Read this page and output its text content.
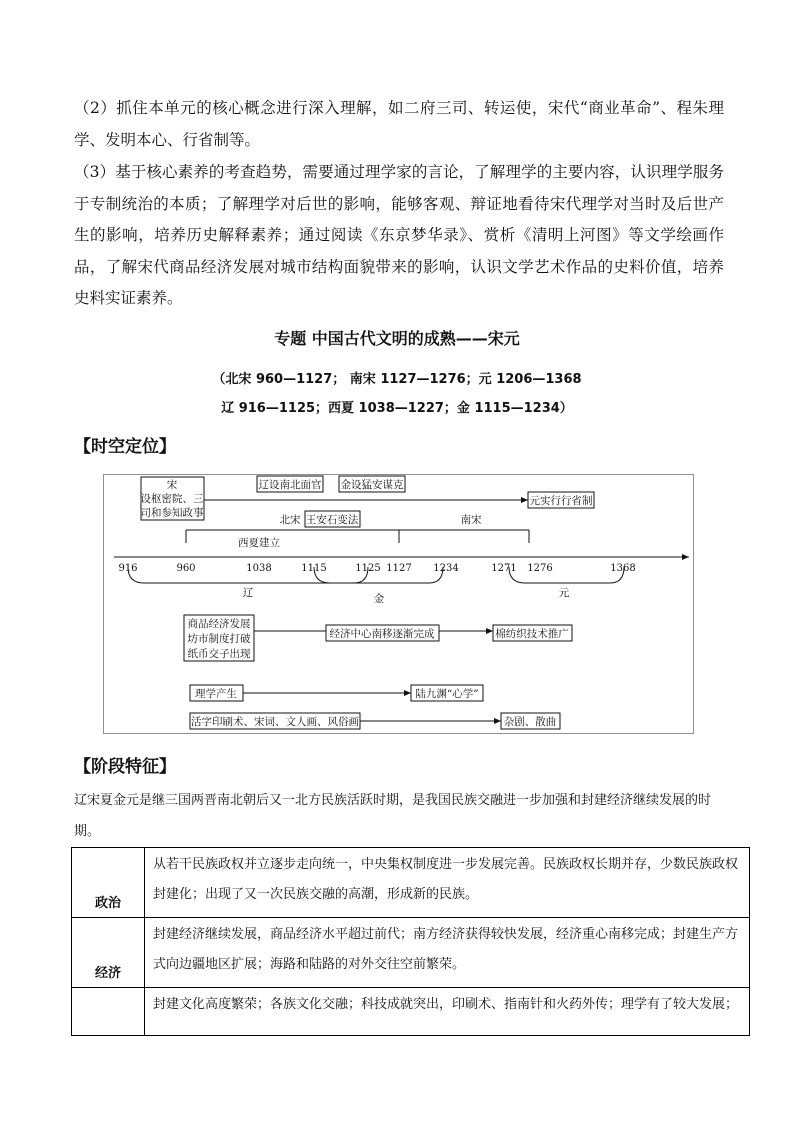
（2）抓住本单元的核心概念进行深入理解，如二府三司、转运使，宋代“商业革命”、程朱理学、发明本心、行省制等。

（3）基于核心素养的考查趋势，需要通过理学家的言论，了解理学的主要内容，认识理学服务于专制统治的本质；了解理学对后世的影响，能够客观、辩证地看待宋代理学对当时及后世产生的影响，培养历史解释素养；通过阅读《东京梦华录》、赏析《清明上河图》等文学绘画作品，了解宋代商品经济发展对城市结构面貌带来的影响，认识文学艺术作品的史料价值，培养史料实证素养。

专题 中国古代文明的成熟——宋元

（北宋 960—1127； 南宋 1127—1276；元 1206—1368

辽 916—1125；西夏 1038—1227；金 1115—1234）

【时空定位】
宋
设枢密院、三
司和参知政事
辽设南北面官 金设猛安谋克
元实行行省制
北宋 王安石变法	南宋
西夏建立
916	960	1038	1115	1125 1127 1234	1271 1276	1368
辽	金	元
商品经济发展
坊市制度打破
纸币交子出现
经济中心南移逐渐完成	棉纺织技术推广
理学产生	陆九渊“心学”
活字印刷术、宋词、文人画、风俗画	杂剧、散曲
【阶段特征】

辽宋夏金元是继三国两晋南北朝后又一北方民族活跃时期，是我国民族交融进一步加强和封建经济继续发展的时期。

政治	从若干民族政权并立逐步走向统一，中央集权制度进一步发展完善。民族政权长期并存，少数民族政权封建化；出现了又一次民族交融的高潮，形成新的民族。
经济	封建经济继续发展，商品经济水平超过前代；南方经济获得较快发展，经济重心南移完成；封建生产方式向边疆地区扩展；海路和陆路的对外交往空前繁荣。
	封建文化高度繁荣；各族文化交融；科技成就突出，印刷术、指南针和火药外传；理学有了较大发展；
